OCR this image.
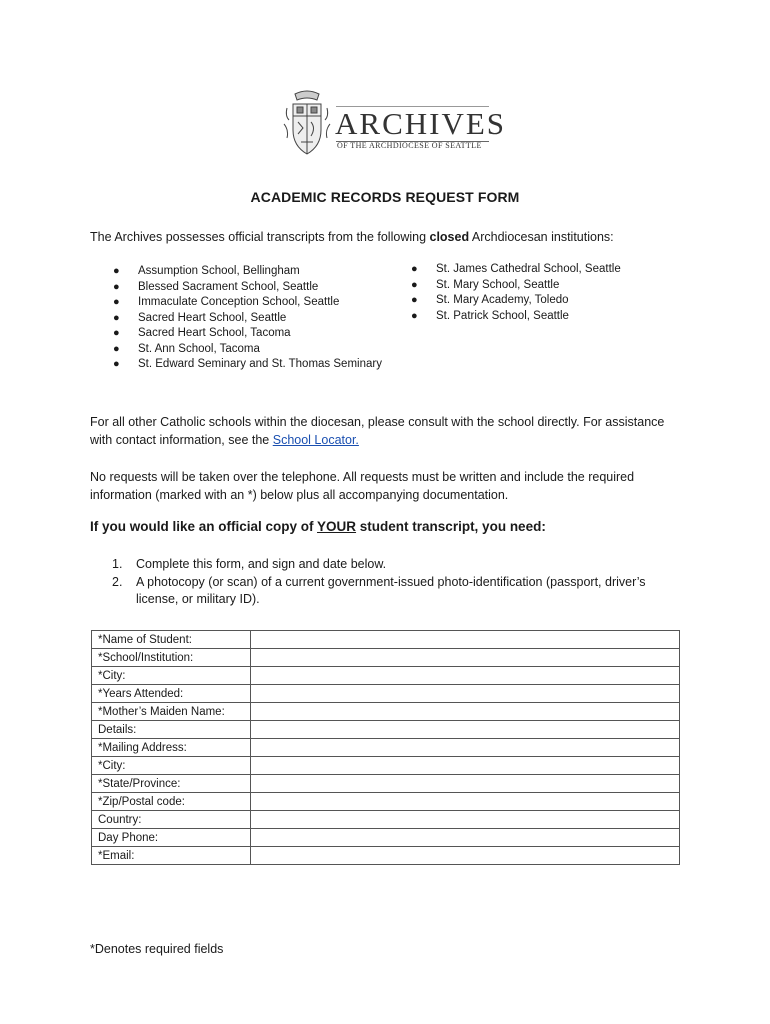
ARCHIVES
OF THE ARCHDIOCESE OF SEATTLE
ACADEMIC RECORDS REQUEST FORM
The Archives possesses official transcripts from the following closed Archdiocesan institutions:
● Assumption School, Bellingham
● Blessed Sacrament School, Seattle
● Immaculate Conception School, Seattle
● Sacred Heart School, Seattle
● Sacred Heart School, Tacoma
● St. Ann School, Tacoma
● St. Edward Seminary and St. Thomas Seminary
● St. James Cathedral School, Seattle
● St. Mary School, Seattle
● St. Mary Academy, Toledo
● St. Patrick School, Seattle
For all other Catholic schools within the diocesan, please consult with the school directly. For assistance with contact information, see the School Locator.
No requests will be taken over the telephone. All requests must be written and include the required information (marked with an *) below plus all accompanying documentation.
If you would like an official copy of YOUR student transcript, you need:
1. Complete this form, and sign and date below.
2. A photocopy (or scan) of a current government-issued photo-identification (passport, driver’s license, or military ID).
*Name of Student:	
*School/Institution:	
*City:	
*Years Attended:	
*Mother’s Maiden Name:	
Details:	
*Mailing Address:	
*City:	
*State/Province:	
*Zip/Postal code:	
Country:	
Day Phone:	
*Email:	
*Denotes required fields
